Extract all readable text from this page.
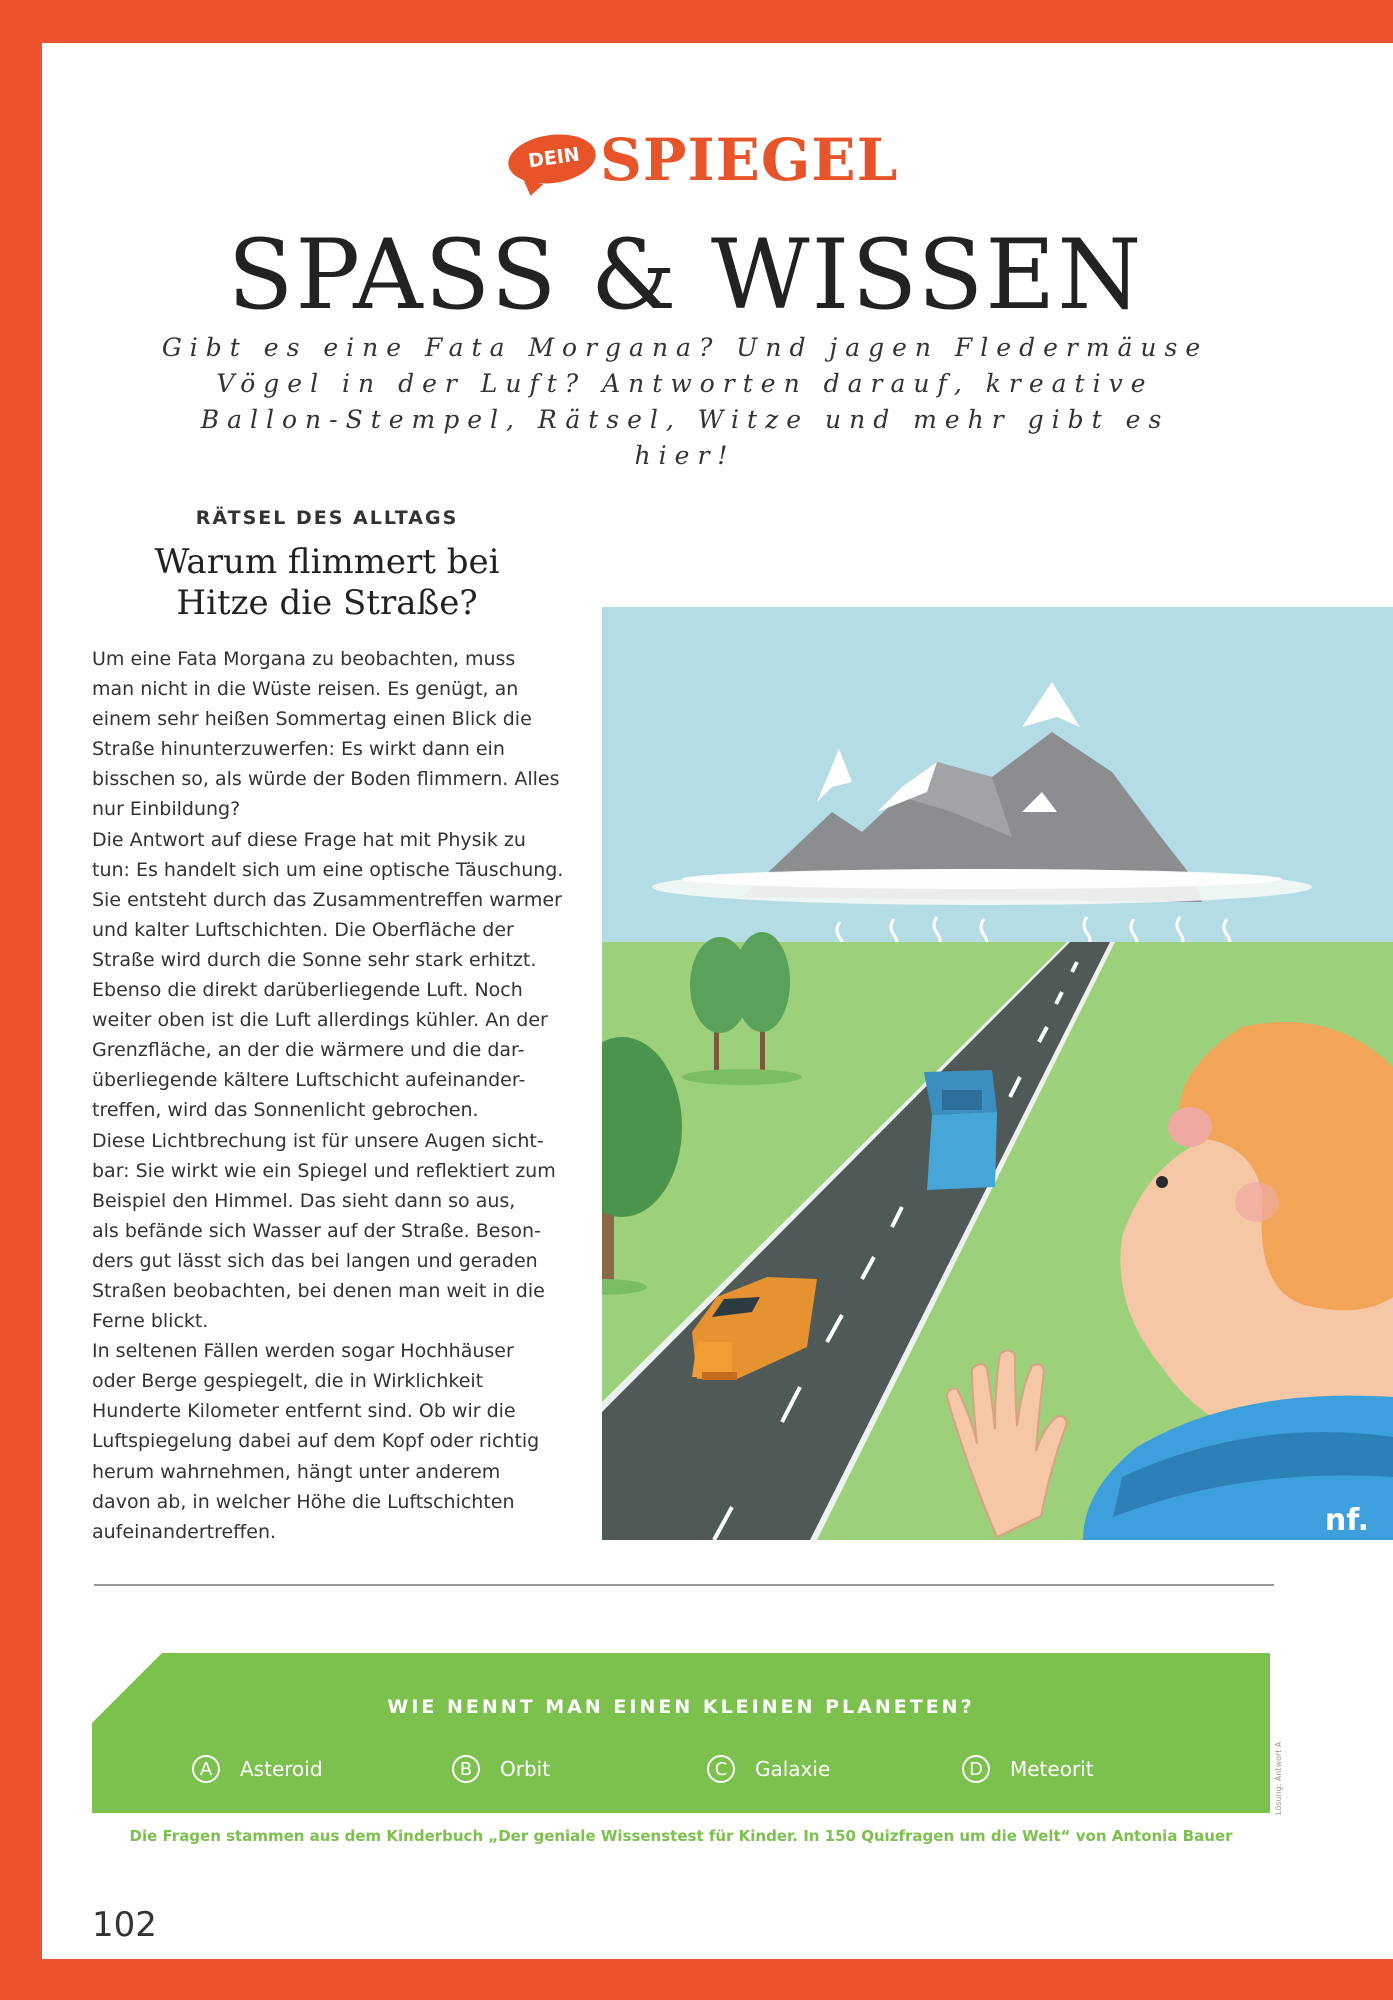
DEIN SPIEGEL
SPASS & WISSEN
Gibt es eine Fata Morgana? Und jagen Fledermäuse
Vögel in der Luft? Antworten darauf, kreative
Ballon-Stempel, Rätsel, Witze und mehr gibt es hier!
RÄTSEL DES ALLTAGS
Warum flimmert bei
Hitze die Straße?

Um eine Fata Morgana zu beobachten, muss

man nicht in die Wüste reisen. Es genügt, an

einem sehr heißen Sommertag einen Blick die

Straße hinunterzuwerfen: Es wirkt dann ein

bisschen so, als würde der Boden flimmern. Alles

nur Einbildung?

Die Antwort auf diese Frage hat mit Physik zu

tun: Es handelt sich um eine optische Täuschung.

Sie entsteht durch das Zusammentreffen warmer

und kalter Luftschichten. Die Oberfläche der

Straße wird durch die Sonne sehr stark erhitzt.

Ebenso die direkt darüberliegende Luft. Noch

weiter oben ist die Luft allerdings kühler. An der

Grenzfläche, an der die wärmere und die dar-

überliegende kältere Luftschicht aufeinander-

treffen, wird das Sonnenlicht gebrochen.

Diese Lichtbrechung ist für unsere Augen sicht-

bar: Sie wirkt wie ein Spiegel und reflektiert zum

Beispiel den Himmel. Das sieht dann so aus,

als befände sich Wasser auf der Straße. Beson-

ders gut lässt sich das bei langen und geraden

Straßen beobachten, bei denen man weit in die

Ferne blickt.

In seltenen Fällen werden sogar Hochhäuser

oder Berge gespiegelt, die in Wirklichkeit

Hunderte Kilometer entfernt sind. Ob wir die

Luftspiegelung dabei auf dem Kopf oder richtig

herum wahrnehmen, hängt unter anderem

davon ab, in welcher Höhe die Luftschichten

aufeinandertreffen.	nf.
WIE NENNT MAN EINEN KLEINEN PLANETEN?
A	Asteroid	B	Orbit	C	Galaxie	D	Meteorit	Lösung: Antwort A
Die Fragen stammen aus dem Kinderbuch „Der geniale Wissenstest für Kinder. In 150 Quizfragen um die Welt“ von Antonia Bauer
102
